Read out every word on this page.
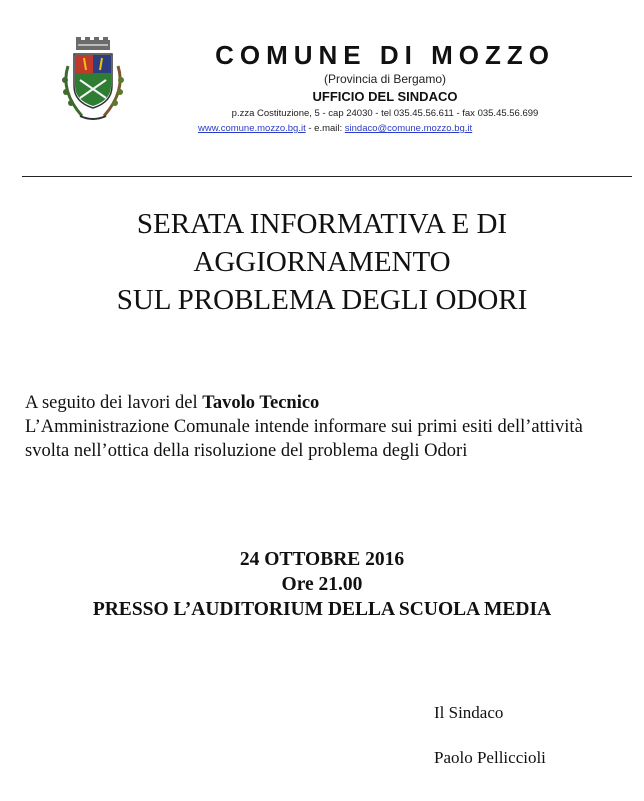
COMUNE DI MOZZO
(Provincia di Bergamo)
UFFICIO DEL SINDACO
p.zza Costituzione, 5 - cap 24030 - tel 035.45.56.611 - fax 035.45.56.699
www.comune.mozzo.bg.it - e.mail: sindaco@comune.mozzo.bg.it
SERATA INFORMATIVA E DI
AGGIORNAMENTO
SUL PROBLEMA DEGLI ODORI
A seguito dei lavori del Tavolo Tecnico
L’Amministrazione Comunale intende informare sui primi esiti dell’attività svolta nell’ottica della risoluzione del problema degli Odori
24 OTTOBRE 2016
Ore 21.00
PRESSO L’AUDITORIUM DELLA SCUOLA MEDIA
Il Sindaco
Paolo Pelliccioli
